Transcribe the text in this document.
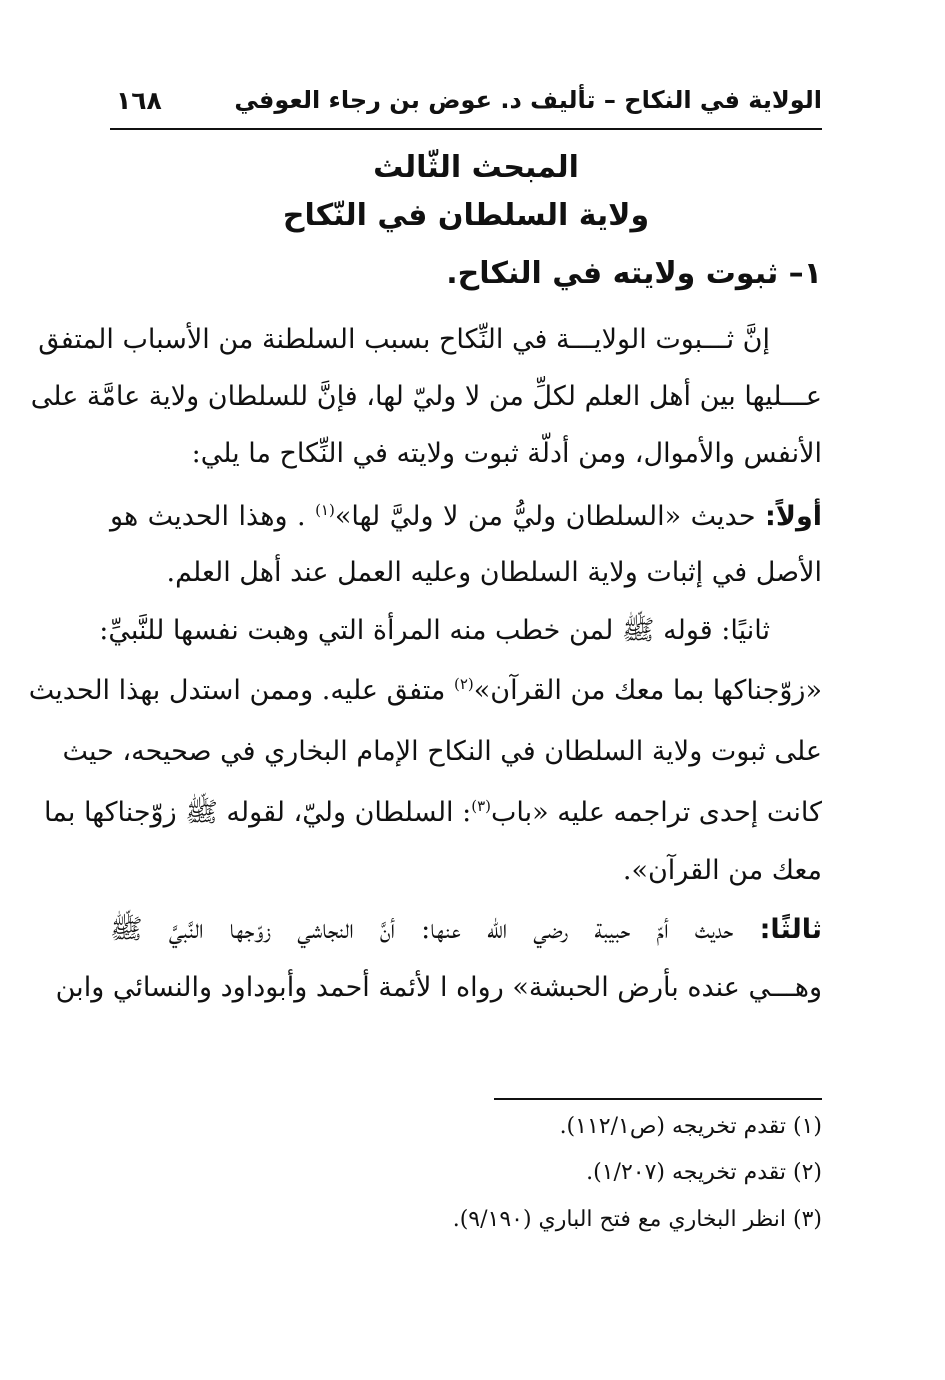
الولاية في النكاح – تأليف د. عوض بن رجاء العوفي
١٦٨
المبحث الثّالث
ولاية السلطان في النّكاح
١– ثبوت ولايته في النكاح.
إنَّ ثـــبوت الولايـــة في النِّكاح بسبب السلطنة من الأسباب المتفق
عـــليها بين أهل العلم لكلِّ من لا وليّ لها، فإنَّ للسلطان ولاية عامَّة على
الأنفس والأموال، ومن أدلّة ثبوت ولايته في النِّكاح ما يلي:
أولاً: حديث «السلطان وليُّ من لا وليَّ لها»$^{(١)}$ . وهذا الحديث هو
الأصل في إثبات ولاية السلطان وعليه العمل عند أهل العلم.
ثانيًا: قوله ﷺ لمن خطب منه المرأة التي وهبت نفسها للنَّبيِّ:
«زوّجناكها بما معك من القرآن»$^{(٢)}$ متفق عليه. وممن استدل بهذا الحديث
على ثبوت ولاية السلطان في النكاح الإمام البخاري في صحيحه، حيث
كانت إحدى تراجمه عليه «باب$^{(٣)}$: السلطان وليّ، لقوله ﷺ زوّجناكها بما
معك من القرآن».
ثالثًا: حديث أمّ حبيبة رضي الله عنها: أنَّ النجاشي زوّجها النَّبيَّ ﷺ
وهـــي عنده بأرض الحبشة» رواه ا لأئمة أحمد وأبوداود والنسائي وابن
(١) تقدم تخريجه (ص١١٢/١).
(٢) تقدم تخريجه (١/٢٠٧).
(٣) انظر البخاري مع فتح الباري (٩/١٩٠).
